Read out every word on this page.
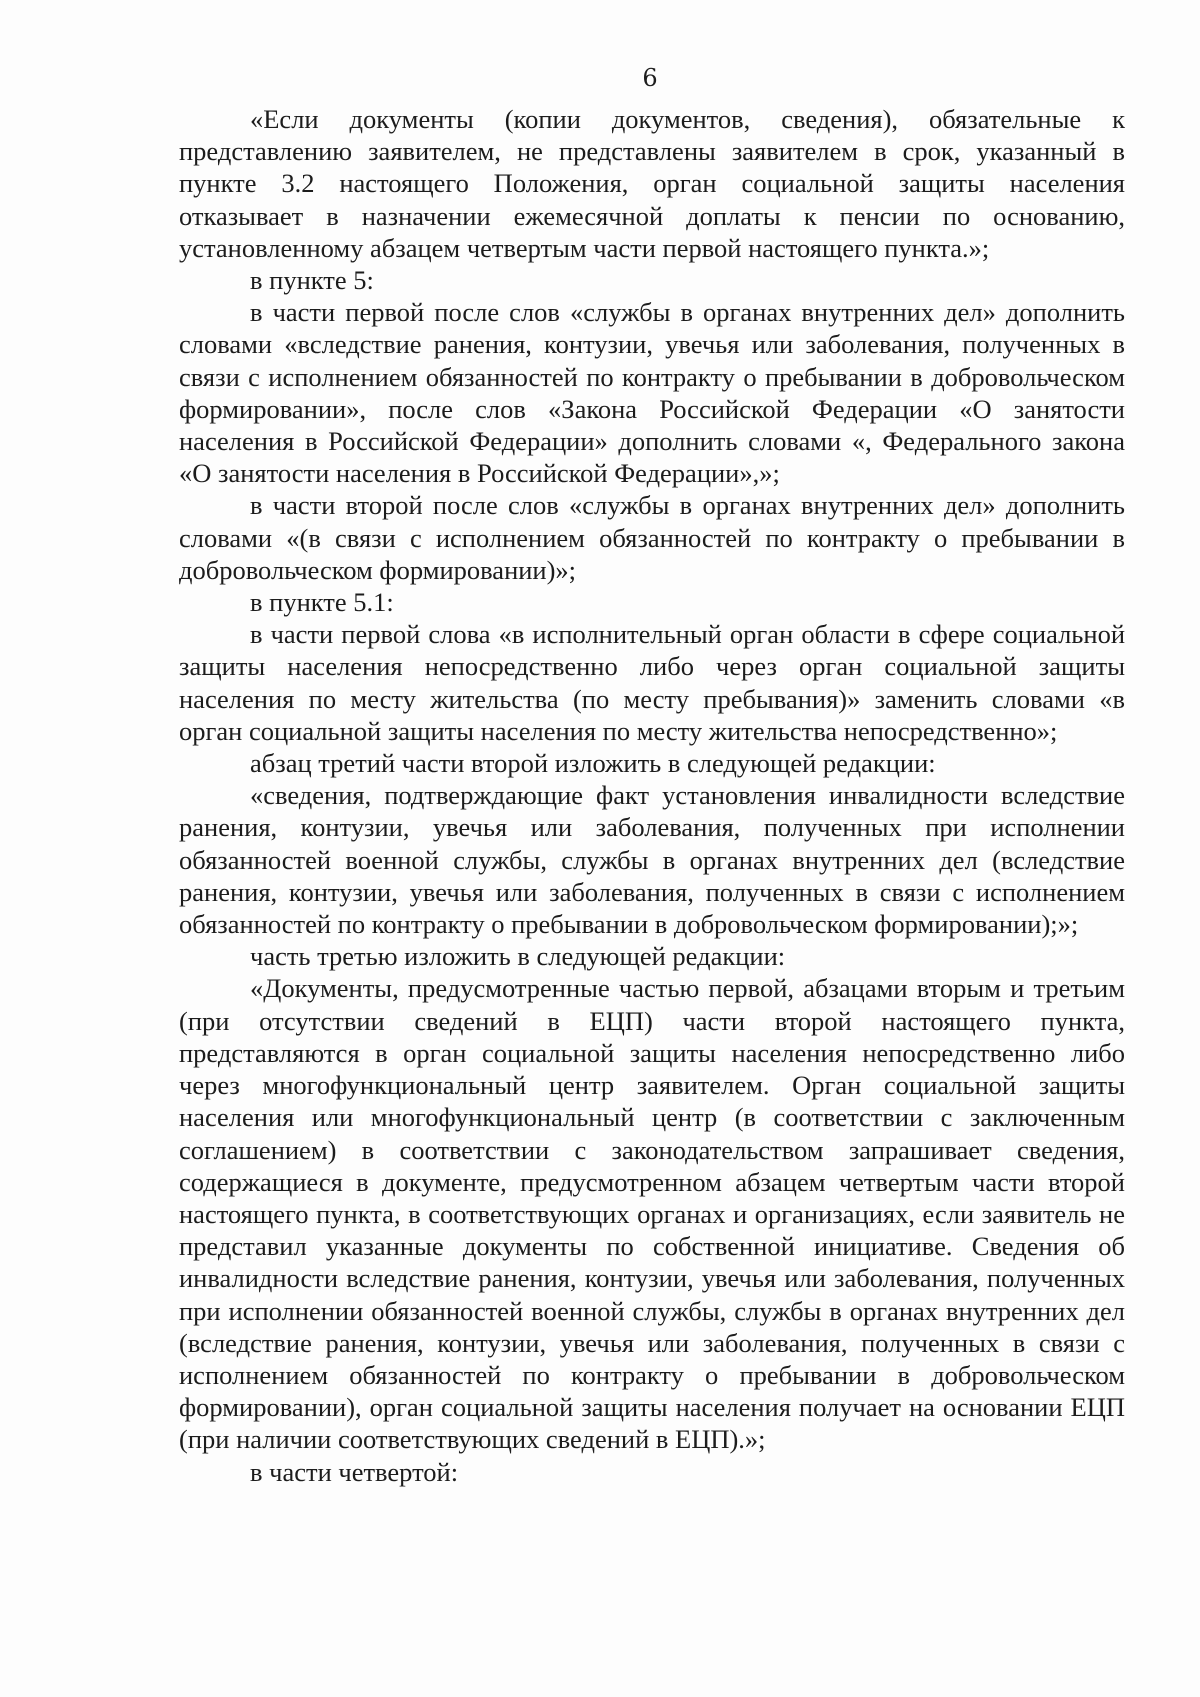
6

«Если документы (копии документов, сведения), обязательные к представлению заявителем, не представлены заявителем в срок, указанный в пункте 3.2 настоящего Положения, орган социальной защиты населения отказывает в назначении ежемесячной доплаты к пенсии по основанию, установленному абзацем четвертым части первой настоящего пункта.»;

в пункте 5:

в части первой после слов «службы в органах внутренних дел» дополнить словами «вследствие ранения, контузии, увечья или заболевания, полученных в связи с исполнением обязанностей по контракту о пребывании в добровольческом формировании», после слов «Закона Российской Федерации «О занятости населения в Российской Федерации» дополнить словами «, Федерального закона «О занятости населения в Российской Федерации»,»;

в части второй после слов «службы в органах внутренних дел» дополнить словами «(в связи с исполнением обязанностей по контракту о пребывании в добровольческом формировании)»;

в пункте 5.1:

в части первой слова «в исполнительный орган области в сфере социальной защиты населения непосредственно либо через орган социальной защиты населения по месту жительства (по месту пребывания)» заменить словами «в орган социальной защиты населения по месту жительства непосредственно»;

абзац третий части второй изложить в следующей редакции:

«сведения, подтверждающие факт установления инвалидности вследствие ранения, контузии, увечья или заболевания, полученных при исполнении обязанностей военной службы, службы в органах внутренних дел (вследствие ранения, контузии, увечья или заболевания, полученных в связи с исполнением обязанностей по контракту о пребывании в добровольческом формировании);»;

часть третью изложить в следующей редакции:

«Документы, предусмотренные частью первой, абзацами вторым и третьим (при отсутствии сведений в ЕЦП) части второй настоящего пункта, представляются в орган социальной защиты населения непосредственно либо через многофункциональный центр заявителем. Орган социальной защиты населения или многофункциональный центр (в соответствии с заключенным соглашением) в соответствии с законодательством запрашивает сведения, содержащиеся в документе, предусмотренном абзацем четвертым части второй настоящего пункта, в соответствующих органах и организациях, если заявитель не представил указанные документы по собственной инициативе. Сведения об инвалидности вследствие ранения, контузии, увечья или заболевания, полученных при исполнении обязанностей военной службы, службы в органах внутренних дел (вследствие ранения, контузии, увечья или заболевания, полученных в связи с исполнением обязанностей по контракту о пребывании в добровольческом формировании), орган социальной защиты населения получает на основании ЕЦП (при наличии соответствующих сведений в ЕЦП).»;

в части четвертой:
